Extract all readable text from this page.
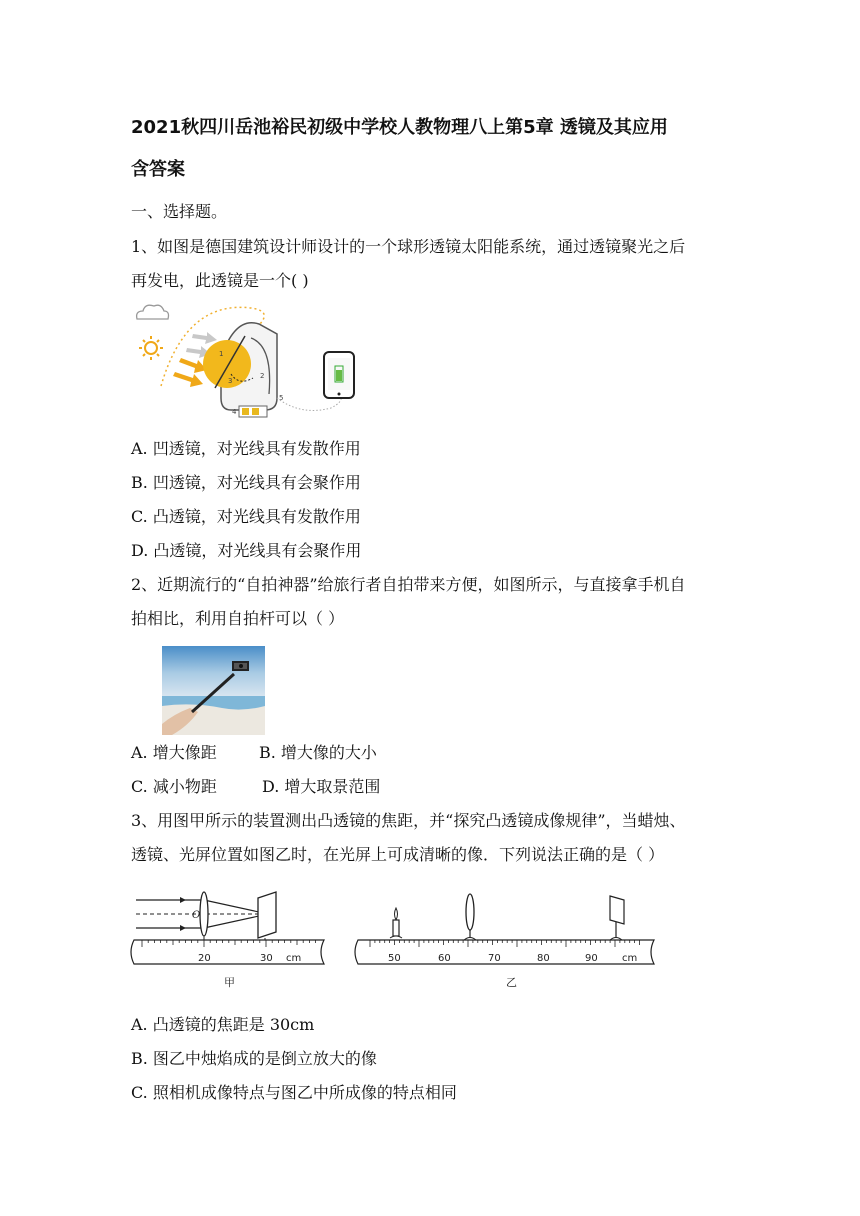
2021秋四川岳池裕民初级中学校人教物理八上第5章 透镜及其应用
含答案
一、选择题。
1、如图是德国建筑设计师设计的一个球形透镜太阳能系统，通过透镜聚光之后
再发电，此透镜是一个( )
1
2
3
4
5
A. 凹透镜，对光线具有发散作用
B. 凹透镜，对光线具有会聚作用
C. 凸透镜，对光线具有发散作用
D. 凸透镜，对光线具有会聚作用
2、近期流行的“自拍神器”给旅行者自拍带来方便，如图所示，与直接拿手机自
拍相比，利用自拍杆可以（ ）
A. 增大像距	B. 增大像的大小
C. 减小物距	D. 增大取景范围
3、用图甲所示的装置测出凸透镜的焦距，并“探究凸透镜成像规律”，当蜡烛、
透镜、光屏位置如图乙时，在光屏上可成清晰的像．下列说法正确的是（ ）
O
20	30 cm
甲
50	60	70	80	90 cm
乙
A. 凸透镜的焦距是 30cm
B. 图乙中烛焰成的是倒立放大的像
C. 照相机成像特点与图乙中所成像的特点相同
